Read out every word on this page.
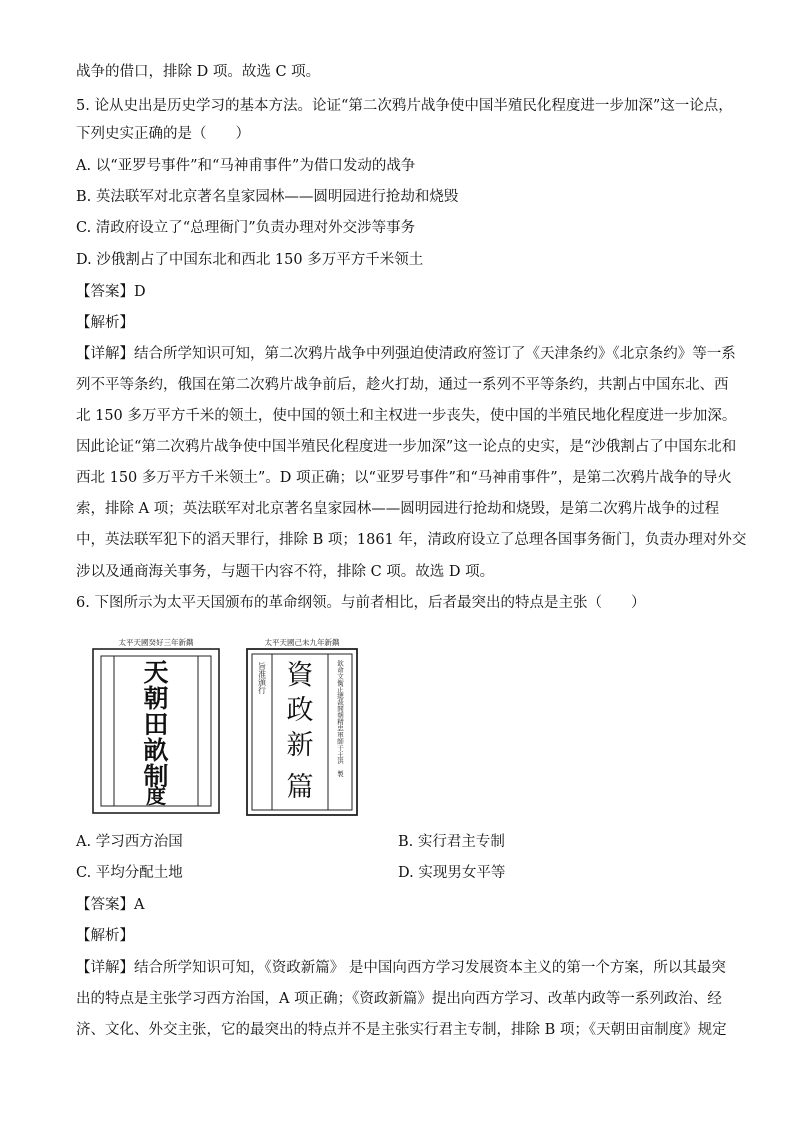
战争的借口，排除 D 项。故选 C 项。
5. 论从史出是历史学习的基本方法。论证“第二次鸦片战争使中国半殖民化程度进一步加深”这一论点，
下列史实正确的是（　　）
A. 以“亚罗号事件”和“马神甫事件”为借口发动的战争
B. 英法联军对北京著名皇家园林——圆明园进行抢劫和烧毁
C. 清政府设立了“总理衙门”负责办理对外交涉等事务
D. 沙俄割占了中国东北和西北 150 多万平方千米领土
【答案】D
【解析】
【详解】结合所学知识可知，第二次鸦片战争中列强迫使清政府签订了《天津条约》《北京条约》等一系
列不平等条约，俄国在第二次鸦片战争前后，趁火打劫，通过一系列不平等条约，共割占中国东北、西
北 150 多万平方千米的领土，使中国的领土和主权进一步丧失，使中国的半殖民地化程度进一步加深。
因此论证“第二次鸦片战争使中国半殖民化程度进一步加深”这一论点的史实，是“沙俄割占了中国东北和
西北 150 多万平方千米领土”。D 项正确；以“亚罗号事件”和“马神甫事件”，是第二次鸦片战争的导火
索，排除 A 项；英法联军对北京著名皇家园林——圆明园进行抢劫和烧毁，是第二次鸦片战争的过程
中，英法联军犯下的滔天罪行，排除 B 项；1861 年，清政府设立了总理各国事务衙门，负责办理对外交
涉以及通商海关事务，与题干内容不符，排除 C 项。故选 D 项。
6. 下图所示为太平天国颁布的革命纲领。与前者相比，后者最突出的特点是主张（　　）
太平天國癸好三年新鐫
天
朝
田
畝
制
度
太平天國己未九年新鐫
資
政
新
篇
旨准頒行	欽命文衡正總裁開朝精忠軍師干王洪　製
A. 学习西方治国	B. 实行君主专制
C. 平均分配土地	D. 实现男女平等
【答案】A
【解析】
【详解】结合所学知识可知，《资政新篇》 是中国向西方学习发展资本主义的第一个方案，所以其最突
出的特点是主张学习西方治国，A 项正确；《资政新篇》提出向西方学习、改革内政等一系列政治、经
济、文化、外交主张，它的最突出的特点并不是主张实行君主专制，排除 B 项；《天朝田亩制度》规定
